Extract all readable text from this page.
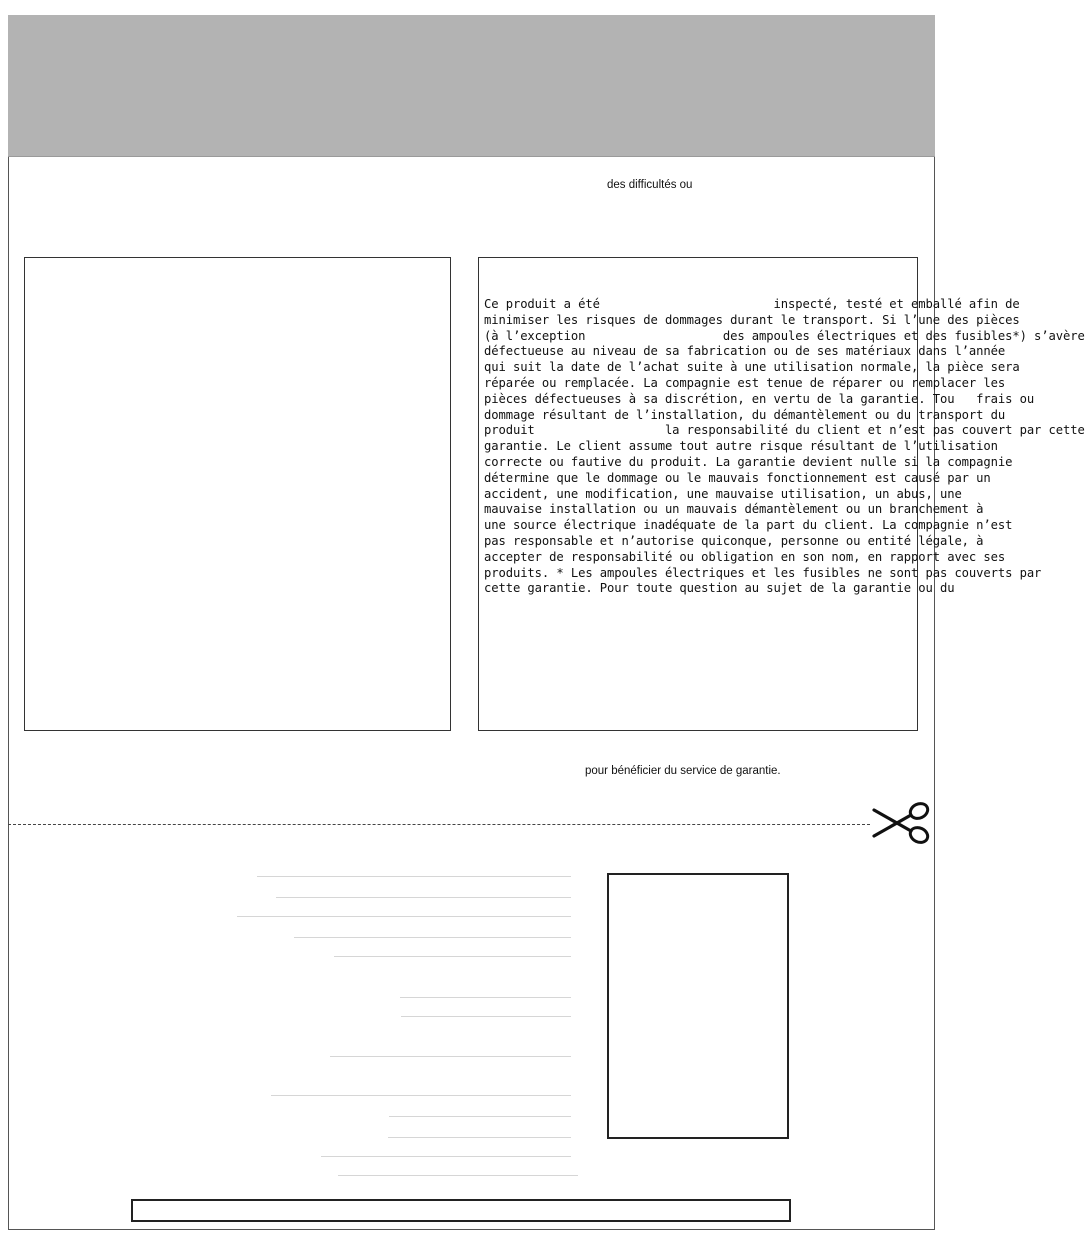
des difficultés ou
Ce produit a été                        inspecté, testé et emballé afin de
minimiser les risques de dommages durant le transport. Si l’une des pièces
(à l’exception                   des ampoules électriques et des fusibles*) s’avère
défectueuse au niveau de sa fabrication ou de ses matériaux dans l’année
qui suit la date de l’achat suite à une utilisation normale, la pièce sera
réparée ou remplacée. La compagnie est tenue de réparer ou remplacer les
pièces défectueuses à sa discrétion, en vertu de la garantie. Tou   frais ou
dommage résultant de l’installation, du démantèlement ou du transport du
produit                  la responsabilité du client et n’est pas couvert par cette
garantie. Le client assume tout autre risque résultant de l’utilisation
correcte ou fautive du produit. La garantie devient nulle si la compagnie
détermine que le dommage ou le mauvais fonctionnement est causé par un
accident, une modification, une mauvaise utilisation, un abus, une
mauvaise installation ou un mauvais démantèlement ou un branchement à
une source électrique inadéquate de la part du client. La compagnie n’est
pas responsable et n’autorise quiconque, personne ou entité légale, à
accepter de responsabilité ou obligation en son nom, en rapport avec ses
produits. * Les ampoules électriques et les fusibles ne sont pas couverts par
cette garantie. Pour toute question au sujet de la garantie ou du
pour bénéficier du service de garantie.
